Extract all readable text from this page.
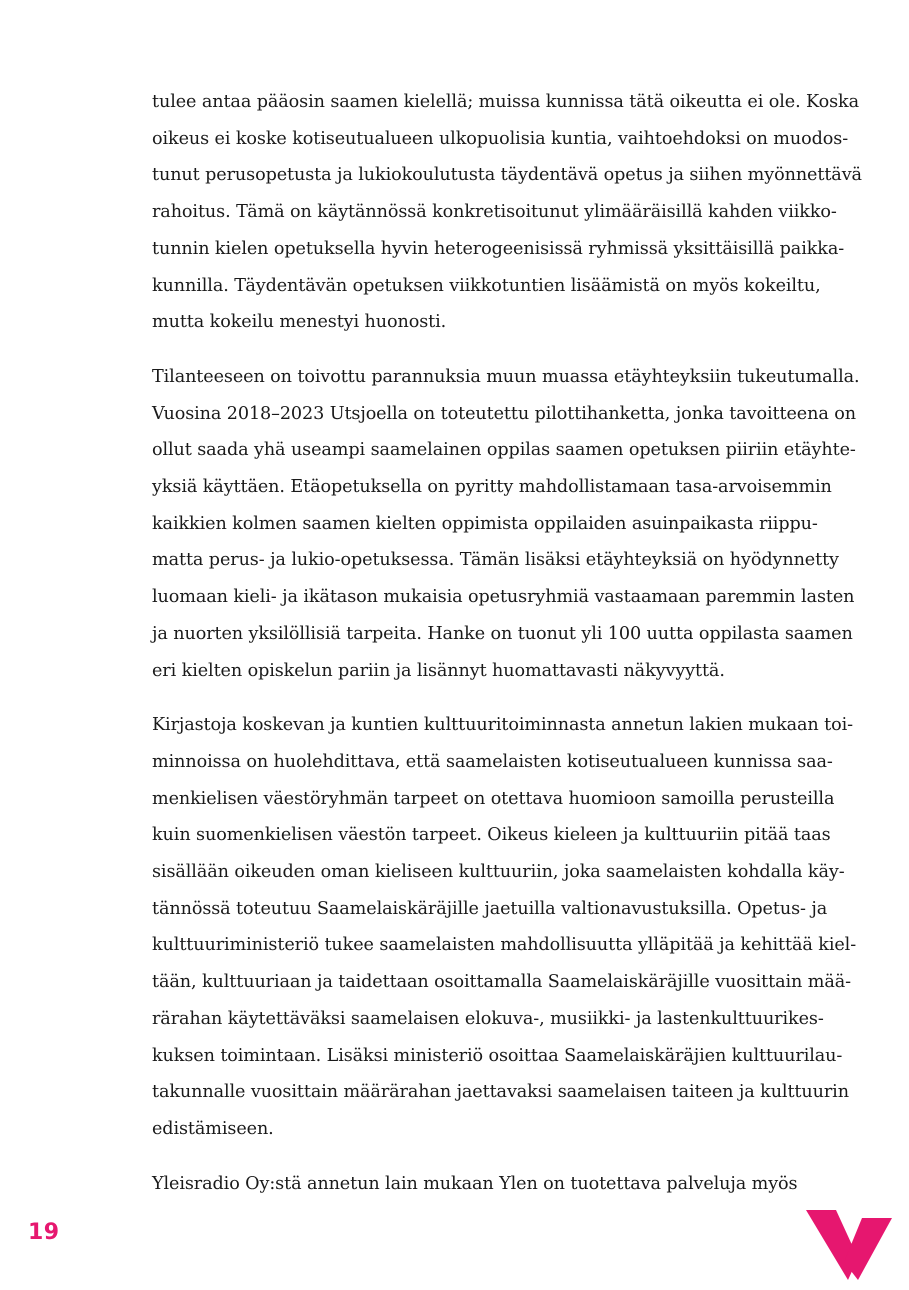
tulee antaa pääosin saamen kielellä; muissa kunnissa tätä oikeutta ei ole. Koska
oikeus ei koske kotiseutualueen ulkopuolisia kuntia, vaihtoehdoksi on muodos-
tunut perusopetusta ja lukiokoulutusta täydentävä opetus ja siihen myönnettävä
rahoitus. Tämä on käytännössä konkretisoitunut ylimääräisillä kahden viikko-
tunnin kielen opetuksella hyvin heterogeenisissä ryhmissä yksittäisillä paikka-
kunnilla. Täydentävän opetuksen viikkotuntien lisäämistä on myös kokeiltu,
mutta kokeilu menestyi huonosti.
Tilanteeseen on toivottu parannuksia muun muassa etäyhteyksiin tukeutumalla.
Vuosina 2018–2023 Utsjoella on toteutettu pilottihanketta, jonka tavoitteena on
ollut saada yhä useampi saamelainen oppilas saamen opetuksen piiriin etäyhte-
yksiä käyttäen. Etäopetuksella on pyritty mahdollistamaan tasa-arvoisemmin
kaikkien kolmen saamen kielten oppimista oppilaiden asuinpaikasta riippu-
matta perus- ja lukio-opetuksessa. Tämän lisäksi etäyhteyksiä on hyödynnetty
luomaan kieli- ja ikätason mukaisia opetusryhmiä vastaamaan paremmin lasten
ja nuorten yksilöllisiä tarpeita. Hanke on tuonut yli 100 uutta oppilasta saamen
eri kielten opiskelun pariin ja lisännyt huomattavasti näkyvyyttä.
Kirjastoja koskevan ja kuntien kulttuuritoiminnasta annetun lakien mukaan toi-
minnoissa on huolehdittava, että saamelaisten kotiseutualueen kunnissa saa-
menkielisen väestöryhmän tarpeet on otettava huomioon samoilla perusteilla
kuin suomenkielisen väestön tarpeet. Oikeus kieleen ja kulttuuriin pitää taas
sisällään oikeuden oman kieliseen kulttuuriin, joka saamelaisten kohdalla käy-
tännössä toteutuu Saamelaiskäräjille jaetuilla valtionavustuksilla. Opetus- ja
kulttuuriministeriö tukee saamelaisten mahdollisuutta ylläpitää ja kehittää kiel-
tään, kulttuuriaan ja taidettaan osoittamalla Saamelaiskäräjille vuosittain mää-
rärahan käytettäväksi saamelaisen elokuva-, musiikki- ja lastenkulttuurikes-
kuksen toimintaan. Lisäksi ministeriö osoittaa Saamelaiskäräjien kulttuurilau-
takunnalle vuosittain määrärahan jaettavaksi saamelaisen taiteen ja kulttuurin
edistämiseen.
Yleisradio Oy:stä annetun lain mukaan Ylen on tuotettava palveluja myös
19
